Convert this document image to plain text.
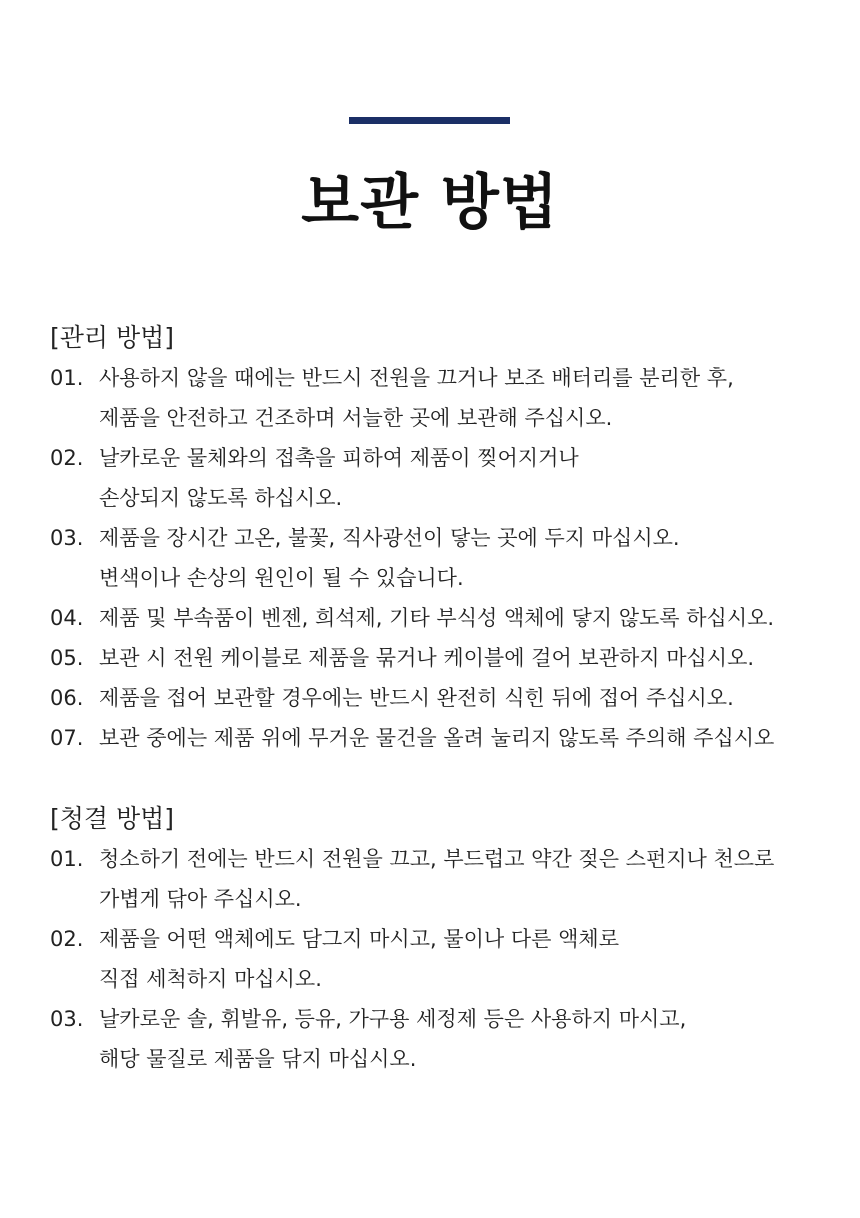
보관 방법
[관리 방법]
01. 사용하지 않을 때에는 반드시 전원을 끄거나 보조 배터리를 분리한 후,
제품을 안전하고 건조하며 서늘한 곳에 보관해 주십시오.
02. 날카로운 물체와의 접촉을 피하여 제품이 찢어지거나
손상되지 않도록 하십시오.
03. 제품을 장시간 고온, 불꽃, 직사광선이 닿는 곳에 두지 마십시오.
변색이나 손상의 원인이 될 수 있습니다.
04. 제품 및 부속품이 벤젠, 희석제, 기타 부식성 액체에 닿지 않도록 하십시오.
05. 보관 시 전원 케이블로 제품을 묶거나 케이블에 걸어 보관하지 마십시오.
06. 제품을 접어 보관할 경우에는 반드시 완전히 식힌 뒤에 접어 주십시오.
07. 보관 중에는 제품 위에 무거운 물건을 올려 눌리지 않도록 주의해 주십시오
[청결 방법]
01. 청소하기 전에는 반드시 전원을 끄고, 부드럽고 약간 젖은 스펀지나 천으로
가볍게 닦아 주십시오.
02. 제품을 어떤 액체에도 담그지 마시고, 물이나 다른 액체로
직접 세척하지 마십시오.
03. 날카로운 솔, 휘발유, 등유, 가구용 세정제 등은 사용하지 마시고,
해당 물질로 제품을 닦지 마십시오.
